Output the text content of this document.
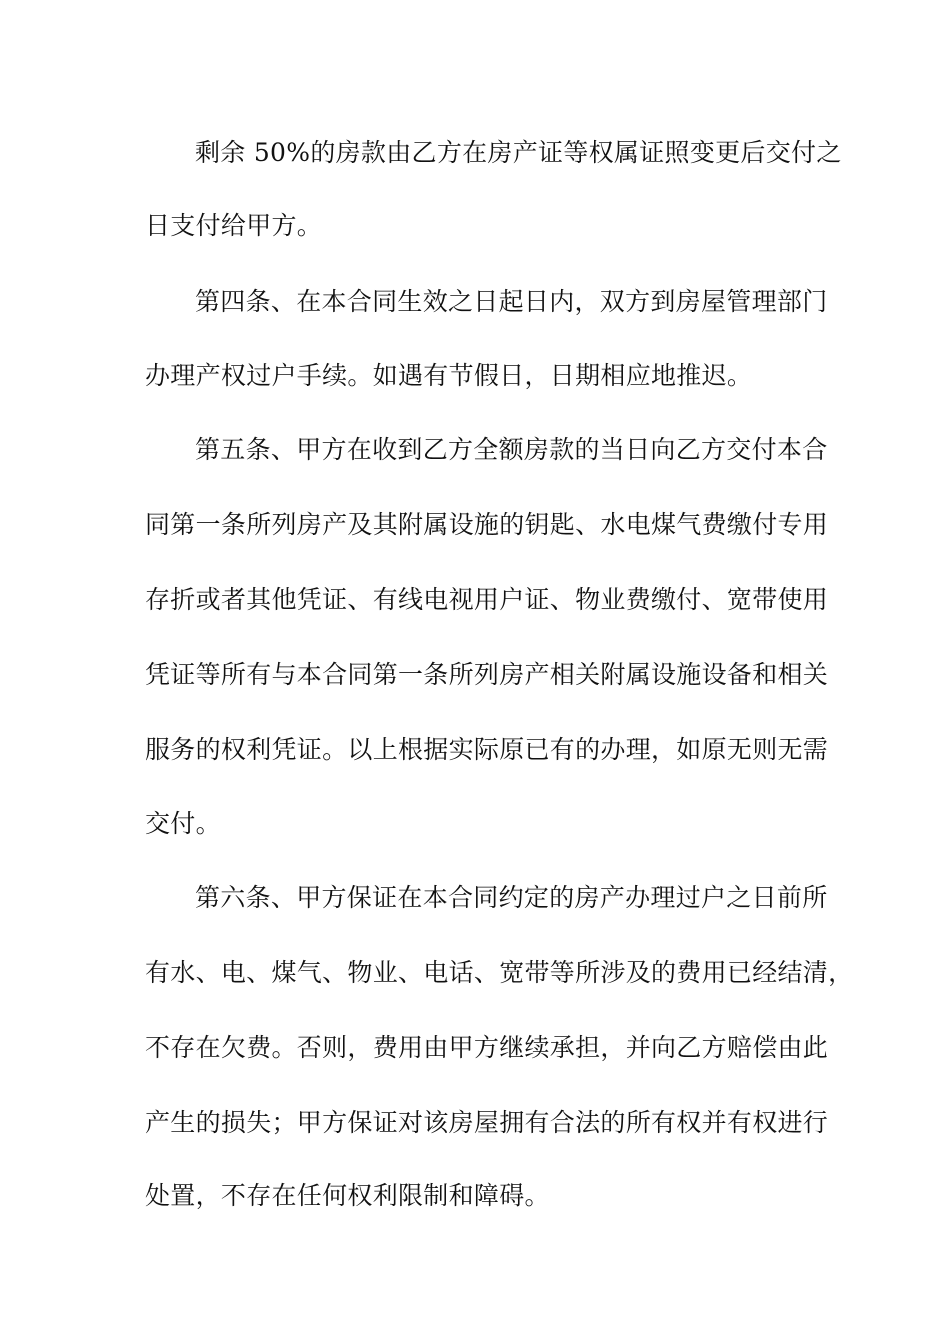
剩余 50%的房款由乙方在房产证等权属证照变更后交付之
日支付给甲方。
第四条、在本合同生效之日起日内，双方到房屋管理部门
办理产权过户手续。如遇有节假日，日期相应地推迟。
第五条、甲方在收到乙方全额房款的当日向乙方交付本合
同第一条所列房产及其附属设施的钥匙、水电煤气费缴付专用
存折或者其他凭证、有线电视用户证、物业费缴付、宽带使用
凭证等所有与本合同第一条所列房产相关附属设施设备和相关
服务的权利凭证。以上根据实际原已有的办理，如原无则无需
交付。
第六条、甲方保证在本合同约定的房产办理过户之日前所
有水、电、煤气、物业、电话、宽带等所涉及的费用已经结清，
不存在欠费。否则，费用由甲方继续承担，并向乙方赔偿由此
产生的损失；甲方保证对该房屋拥有合法的所有权并有权进行
处置，不存在任何权利限制和障碍。
